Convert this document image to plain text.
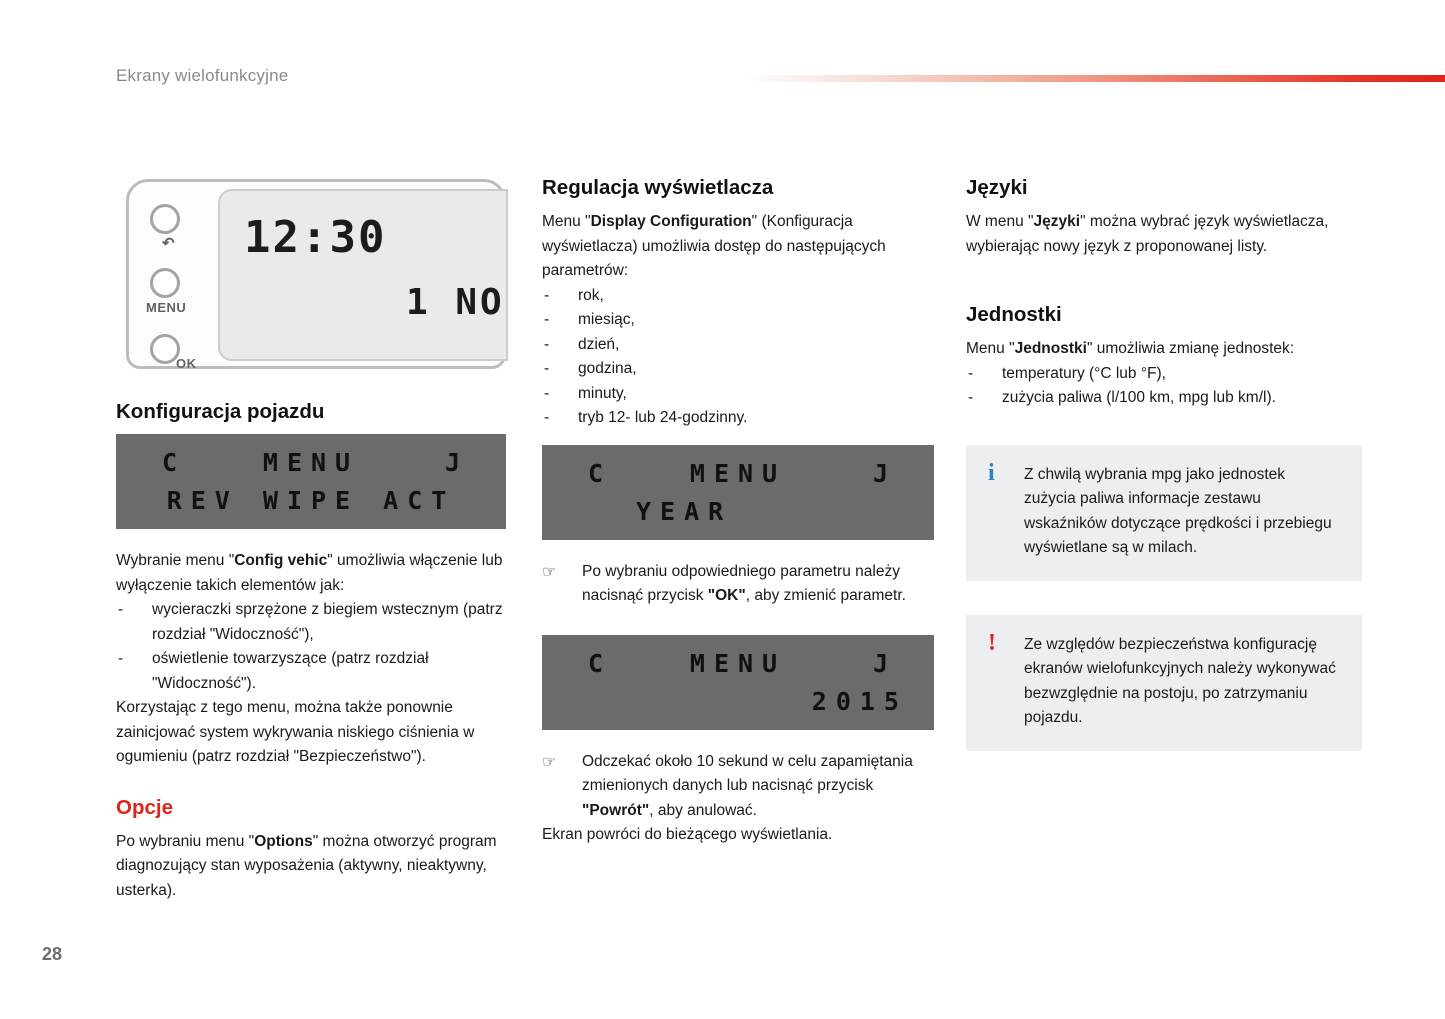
Ekrany wielofunkcyjne
12:30
1 NO
↶
MENU
OK
Konfiguracja pojazdu
C	MENU	J
REV WIPE ACT

Wybranie menu "Config vehic" umożliwia włączenie lub wyłączenie takich elementów jak:

- wycieraczki sprzężone z biegiem wstecznym (patrz rozdział "Widoczność"),
- oświetlenie towarzyszące (patrz rozdział "Widoczność").

Korzystając z tego menu, można także ponownie zainicjować system wykrywania niskiego ciśnienia w ogumieniu (patrz rozdział "Bezpieczeństwo").

Opcje

Po wybraniu menu "Options" można otworzyć program diagnozujący stan wyposażenia (aktywny, nieaktywny, usterka).

Regulacja wyświetlacza

Menu "Display Configuration" (Konfiguracja wyświetlacza) umożliwia dostęp do następujących parametrów:

- rok,
- miesiąc,
- dzień,
- godzina,
- minuty,
- tryb 12- lub 24-godzinny.
C	MENU	J
YEAR
☞ Po wybraniu odpowiedniego parametru należy nacisnąć przycisk "OK", aby zmienić parametr.
C	MENU	J
2015
☞ Odczekać około 10 sekund w celu zapamiętania zmienionych danych lub nacisnąć przycisk "Powrót", aby anulować.

Ekran powróci do bieżącego wyświetlania.

Języki

W menu "Języki" można wybrać język wyświetlacza, wybierając nowy język z proponowanej listy.

Jednostki

Menu "Jednostki" umożliwia zmianę jednostek:

- temperatury (°C lub °F),
- zużycia paliwa (l/100 km, mpg lub km/l).
i Z chwilą wybrania mpg jako jednostek zużycia paliwa informacje zestawu wskaźników dotyczące prędkości i przebiegu wyświetlane są w milach.
! Ze względów bezpieczeństwa konfigurację ekranów wielofunkcyjnych należy wykonywać bezwzględnie na postoju, po zatrzymaniu pojazdu.
28
